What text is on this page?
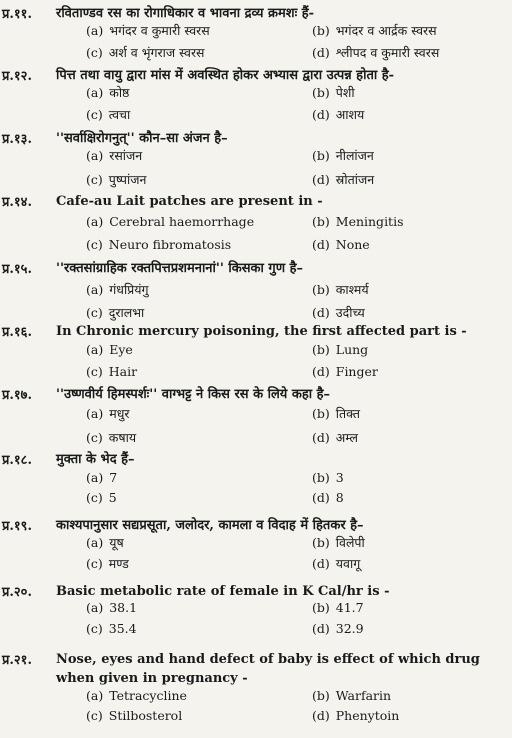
प्र.११. रविताण्डव रस का रोगाधिकार व भावना द्रव्य क्रमशः हैं-
(a) भगंदर व कुमारी स्वरस	(b) भगंदर व आर्द्रक स्वरस
(c) अर्श व भृंगराज स्वरस	(d) श्लीपद व कुमारी स्वरस
प्र.१२. पित्त तथा वायु द्वारा मांस में अवस्थित होकर अभ्यास द्वारा उत्पन्न होता है-
(a) कोष्ठ	(b) पेशी
(c) त्वचा	(d) आशय
प्र.१३. ''सर्वाक्षिरोगनुत्'' कौन–सा अंजन है–
(a) रसांजन	(b) नीलांजन
(c) पुष्पांजन	(d) स्रोतांजन
प्र.१४. Cafe-au Lait patches are present in -
(a) Cerebral haemorrhage	(b) Meningitis
(c) Neuro fibromatosis	(d) None
प्र.१५. ''रक्तसांग्राहिक रक्तपित्तप्रशमनानां'' किसका गुण है–
(a) गंधप्रियंगु	(b) काश्मर्य
(c) दुरालभा	(d) उदीच्य
प्र.१६. In Chronic mercury poisoning, the first affected part is -
(a) Eye	(b) Lung
(c) Hair	(d) Finger
प्र.१७. ''उष्णवीर्य हिमस्पर्शः'' वाग्भट्ट ने किस रस के लिये कहा है–
(a) मधुर	(b) तिक्त
(c) कषाय	(d) अम्ल
प्र.१८. मुक्ता के भेद हैं–
(a) 7	(b) 3
(c) 5	(d) 8
प्र.१९. काश्यपानुसार सद्यप्रसूता, जलोदर, कामला व विदाह में हितकर है–
(a) यूष	(b) विलेपी
(c) मण्ड	(d) यवागू
प्र.२०. Basic metabolic rate of female in K Cal/hr is -
(a) 38.1	(b) 41.7
(c) 35.4	(d) 32.9
प्र.२१. Nose, eyes and hand defect of baby is effect of which drug when given in pregnancy -
(a) Tetracycline	(b) Warfarin
(c) Stilbosterol	(d) Phenytoin
